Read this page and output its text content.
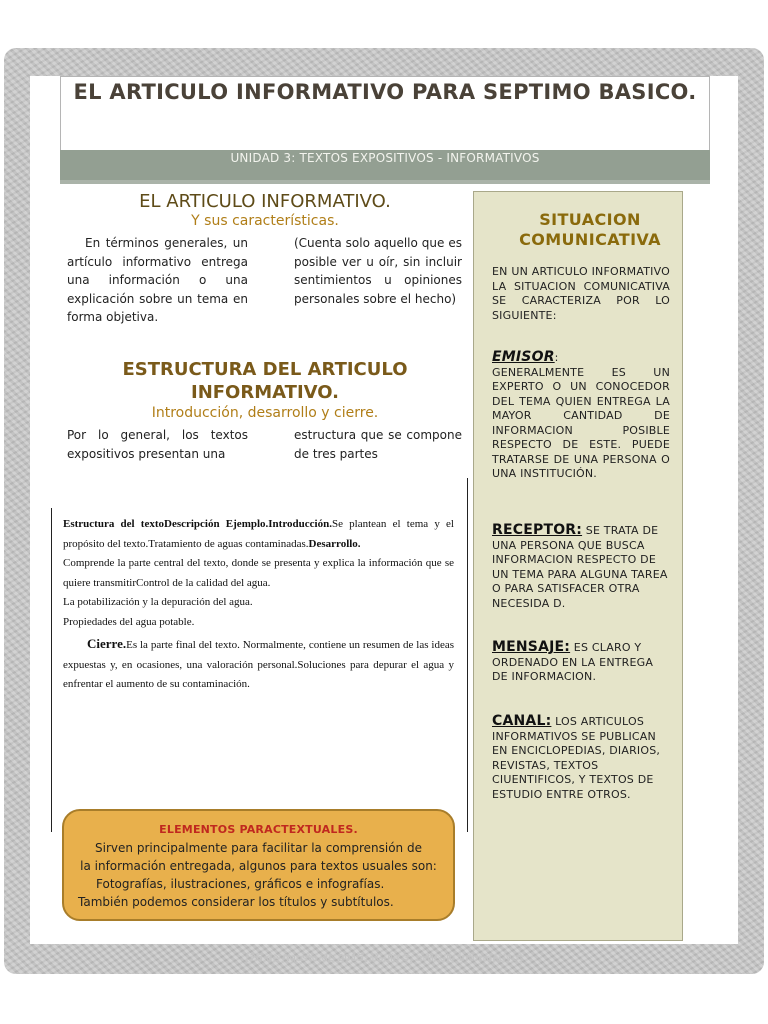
EL ARTICULO INFORMATIVO PARA SEPTIMO BASICO.
UNIDAD 3: TEXTOS EXPOSITIVOS - INFORMATIVOS
EL ARTICULO INFORMATIVO.
Y sus características.
En términos generales, un artículo informativo entrega una información o una explicación sobre un tema en forma objetiva.
(Cuenta solo aquello que es posible ver u oír, sin incluir sentimientos u opiniones personales sobre el hecho)
ESTRUCTURA DEL ARTICULO INFORMATIVO.
Introducción, desarrollo y cierre.
Por lo general, los textos expositivos presentan una
estructura que se compone de tres partes
Estructura del textoDescripción Ejemplo.Introducción.Se plantean el tema y el propósito del texto.Tratamiento de aguas contaminadas.Desarrollo.
Comprende la parte central del texto, donde se presenta y explica la información que se quiere transmitirControl de la calidad del agua.
La potabilización y la depuración del agua.
Propiedades del agua potable.
Cierre.Es la parte final del texto. Normalmente, contiene un resumen de las ideas expuestas y, en ocasiones, una valoración personal.Soluciones para depurar el agua y enfrentar el aumento de su contaminación.
ELEMENTOS PARACTEXTUALES.
Sirven principalmente para facilitar la comprensión de
la información entregada, algunos para textos usuales son:
Fotografías, ilustraciones, gráficos e infografías.
También podemos considerar los títulos y subtítulos.
SITUACION COMUNICATIVA
EN UN ARTICULO INFORMATIVO LA SITUACION COMUNICATIVA SE CARACTERIZA POR LO SIGUIENTE:
EMISOR:
GENERALMENTE ES UN EXPERTO O UN CONOCEDOR DEL TEMA QUIEN ENTREGA LA MAYOR CANTIDAD DE INFORMACION POSIBLE RESPECTO DE ESTE. PUEDE TRATARSE DE UNA PERSONA O UNA INSTITUCIÓN.
RECEPTOR: SE TRATA DE UNA PERSONA QUE BUSCA INFORMACION RESPECTO DE UN TEMA PARA ALGUNA TAREA O PARA SATISFACER OTRA NECESIDA D.
MENSAJE: ES CLARO Y ORDENADO EN LA ENTREGA DE INFORMACION.
CANAL: LOS ARTICULOS INFORMATIVOS SE PUBLICAN EN ENCICLOPEDIAS, DIARIOS, REVISTAS, TEXTOS CIUENTIFICOS, Y TEXTOS DE ESTUDIO ENTRE OTROS.
[26 de Agosto de 2015] [Guía 3, articulo informativo]
